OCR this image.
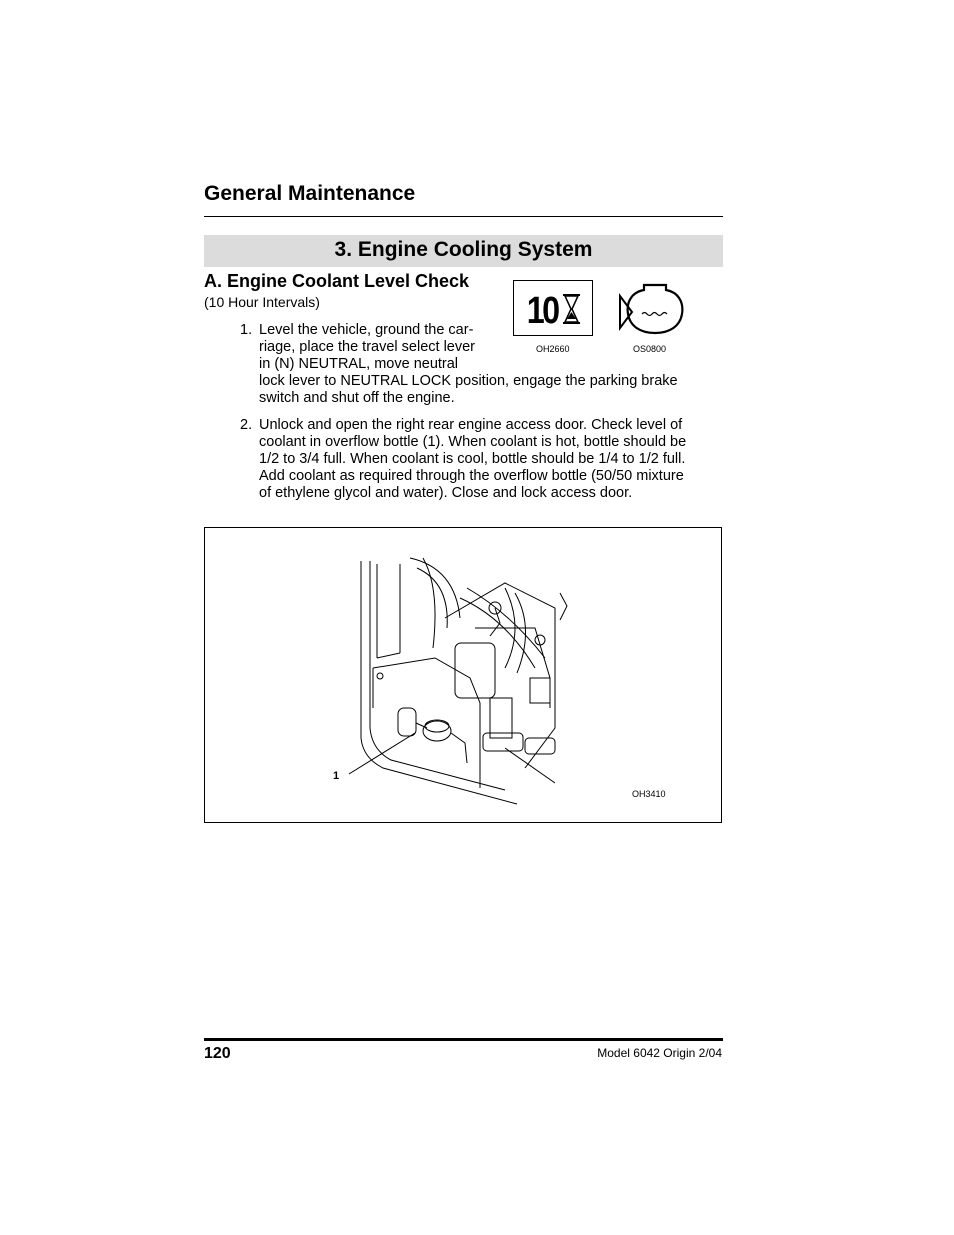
General Maintenance
3. Engine Cooling System
A. Engine Coolant Level Check
(10 Hour Intervals)	10
OH2660	OS0800
1. Level the vehicle, ground the car-
riage, place the travel select lever
in (N) NEUTRAL, move neutral
lock lever to NEUTRAL LOCK position, engage the parking brake
switch and shut off the engine.
2. Unlock and open the right rear engine access door. Check level of
coolant in overflow bottle (1). When coolant is hot, bottle should be
1/2 to 3/4 full. When coolant is cool, bottle should be 1/4 to 1/2 full.
Add coolant as required through the overflow bottle (50/50 mixture
of ethylene glycol and water). Close and lock access door.
1
OH3410
120	Model 6042 Origin 2/04
